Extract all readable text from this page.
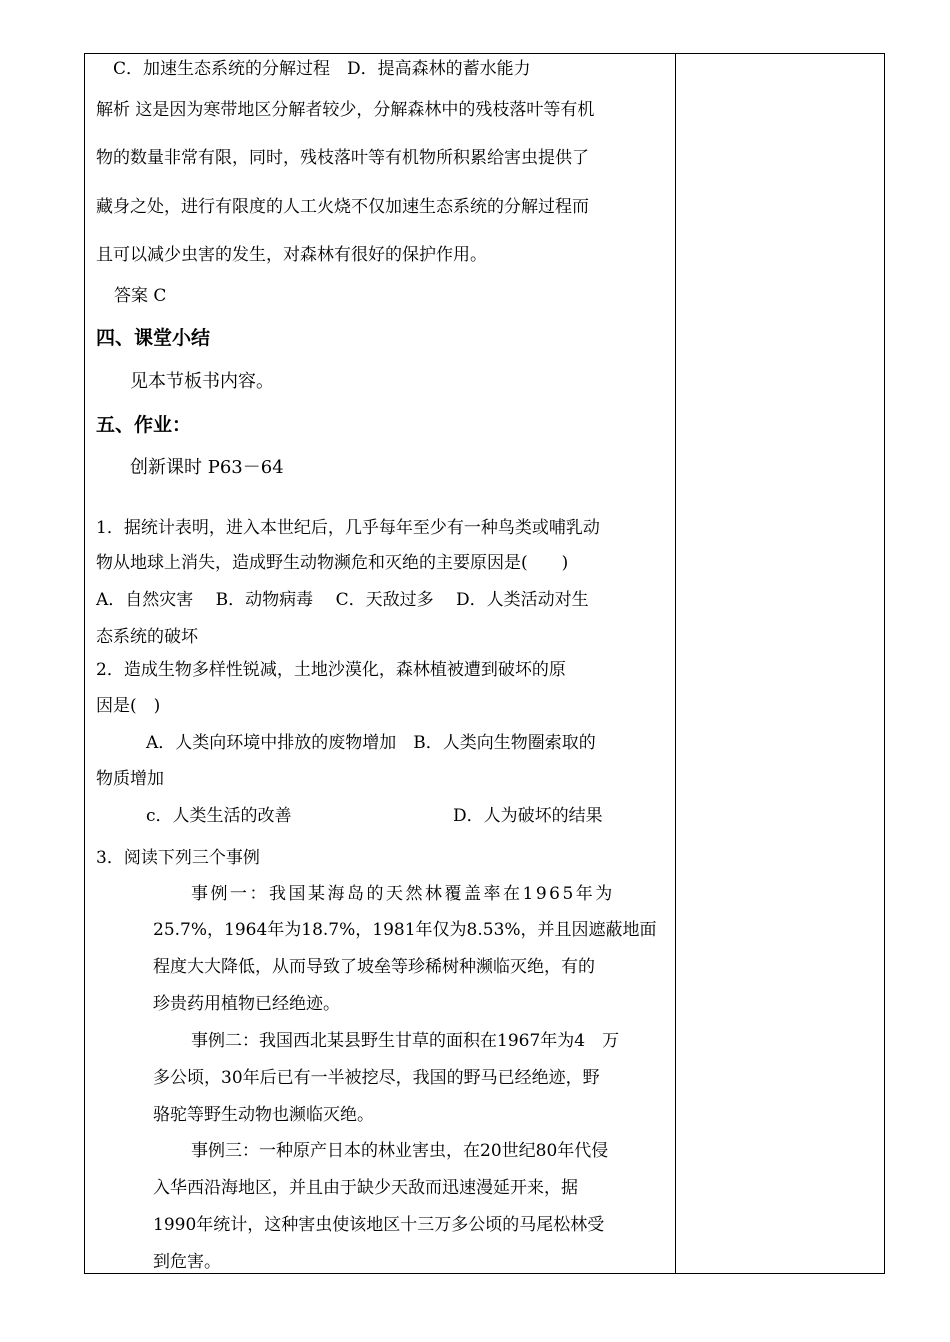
C．加速生态系统的分解过程　D．提高森林的蓄水能力
解析 这是因为寒带地区分解者较少，分解森林中的残枝落叶等有机
物的数量非常有限，同时，残枝落叶等有机物所积累给害虫提供了
藏身之处，进行有限度的人工火烧不仅加速生态系统的分解过程而
且可以减少虫害的发生，对森林有很好的保护作用。
答案 C
四、课堂小结
见本节板书内容。
五、作业：
创新课时 P63－64
1．据统计表明，进入本世纪后，几乎每年至少有一种鸟类或哺乳动
物从地球上消失，造成野生动物濒危和灭绝的主要原因是(　　)
A．自然灾害　 B．动物病毒　 C．天敌过多　 D．人类活动对生
态系统的破坏
2．造成生物多样性锐减，土地沙漠化，森林植被遭到破坏的原
因是(　)
A．人类向环境中排放的废物增加　B．人类向生物圈索取的
物质增加
c．人类生活的改善	D．人为破坏的结果
3．阅读下列三个事例
事例一：我国某海岛的天然林覆盖率在1965年为
25.7%，1964年为18.7%，1981年仅为8.53%，并且因遮蔽地面
程度大大降低，从而导致了坡垒等珍稀树种濒临灭绝，有的
珍贵药用植物已经绝迹。
事例二：我国西北某县野生甘草的面积在1967年为4　万
多公顷，30年后已有一半被挖尽，我国的野马已经绝迹，野
骆驼等野生动物也濒临灭绝。
事例三：一种原产日本的林业害虫，在20世纪80年代侵
入华西沿海地区，并且由于缺少天敌而迅速漫延开来，据
1990年统计，这种害虫使该地区十三万多公顷的马尾松林受
到危害。
